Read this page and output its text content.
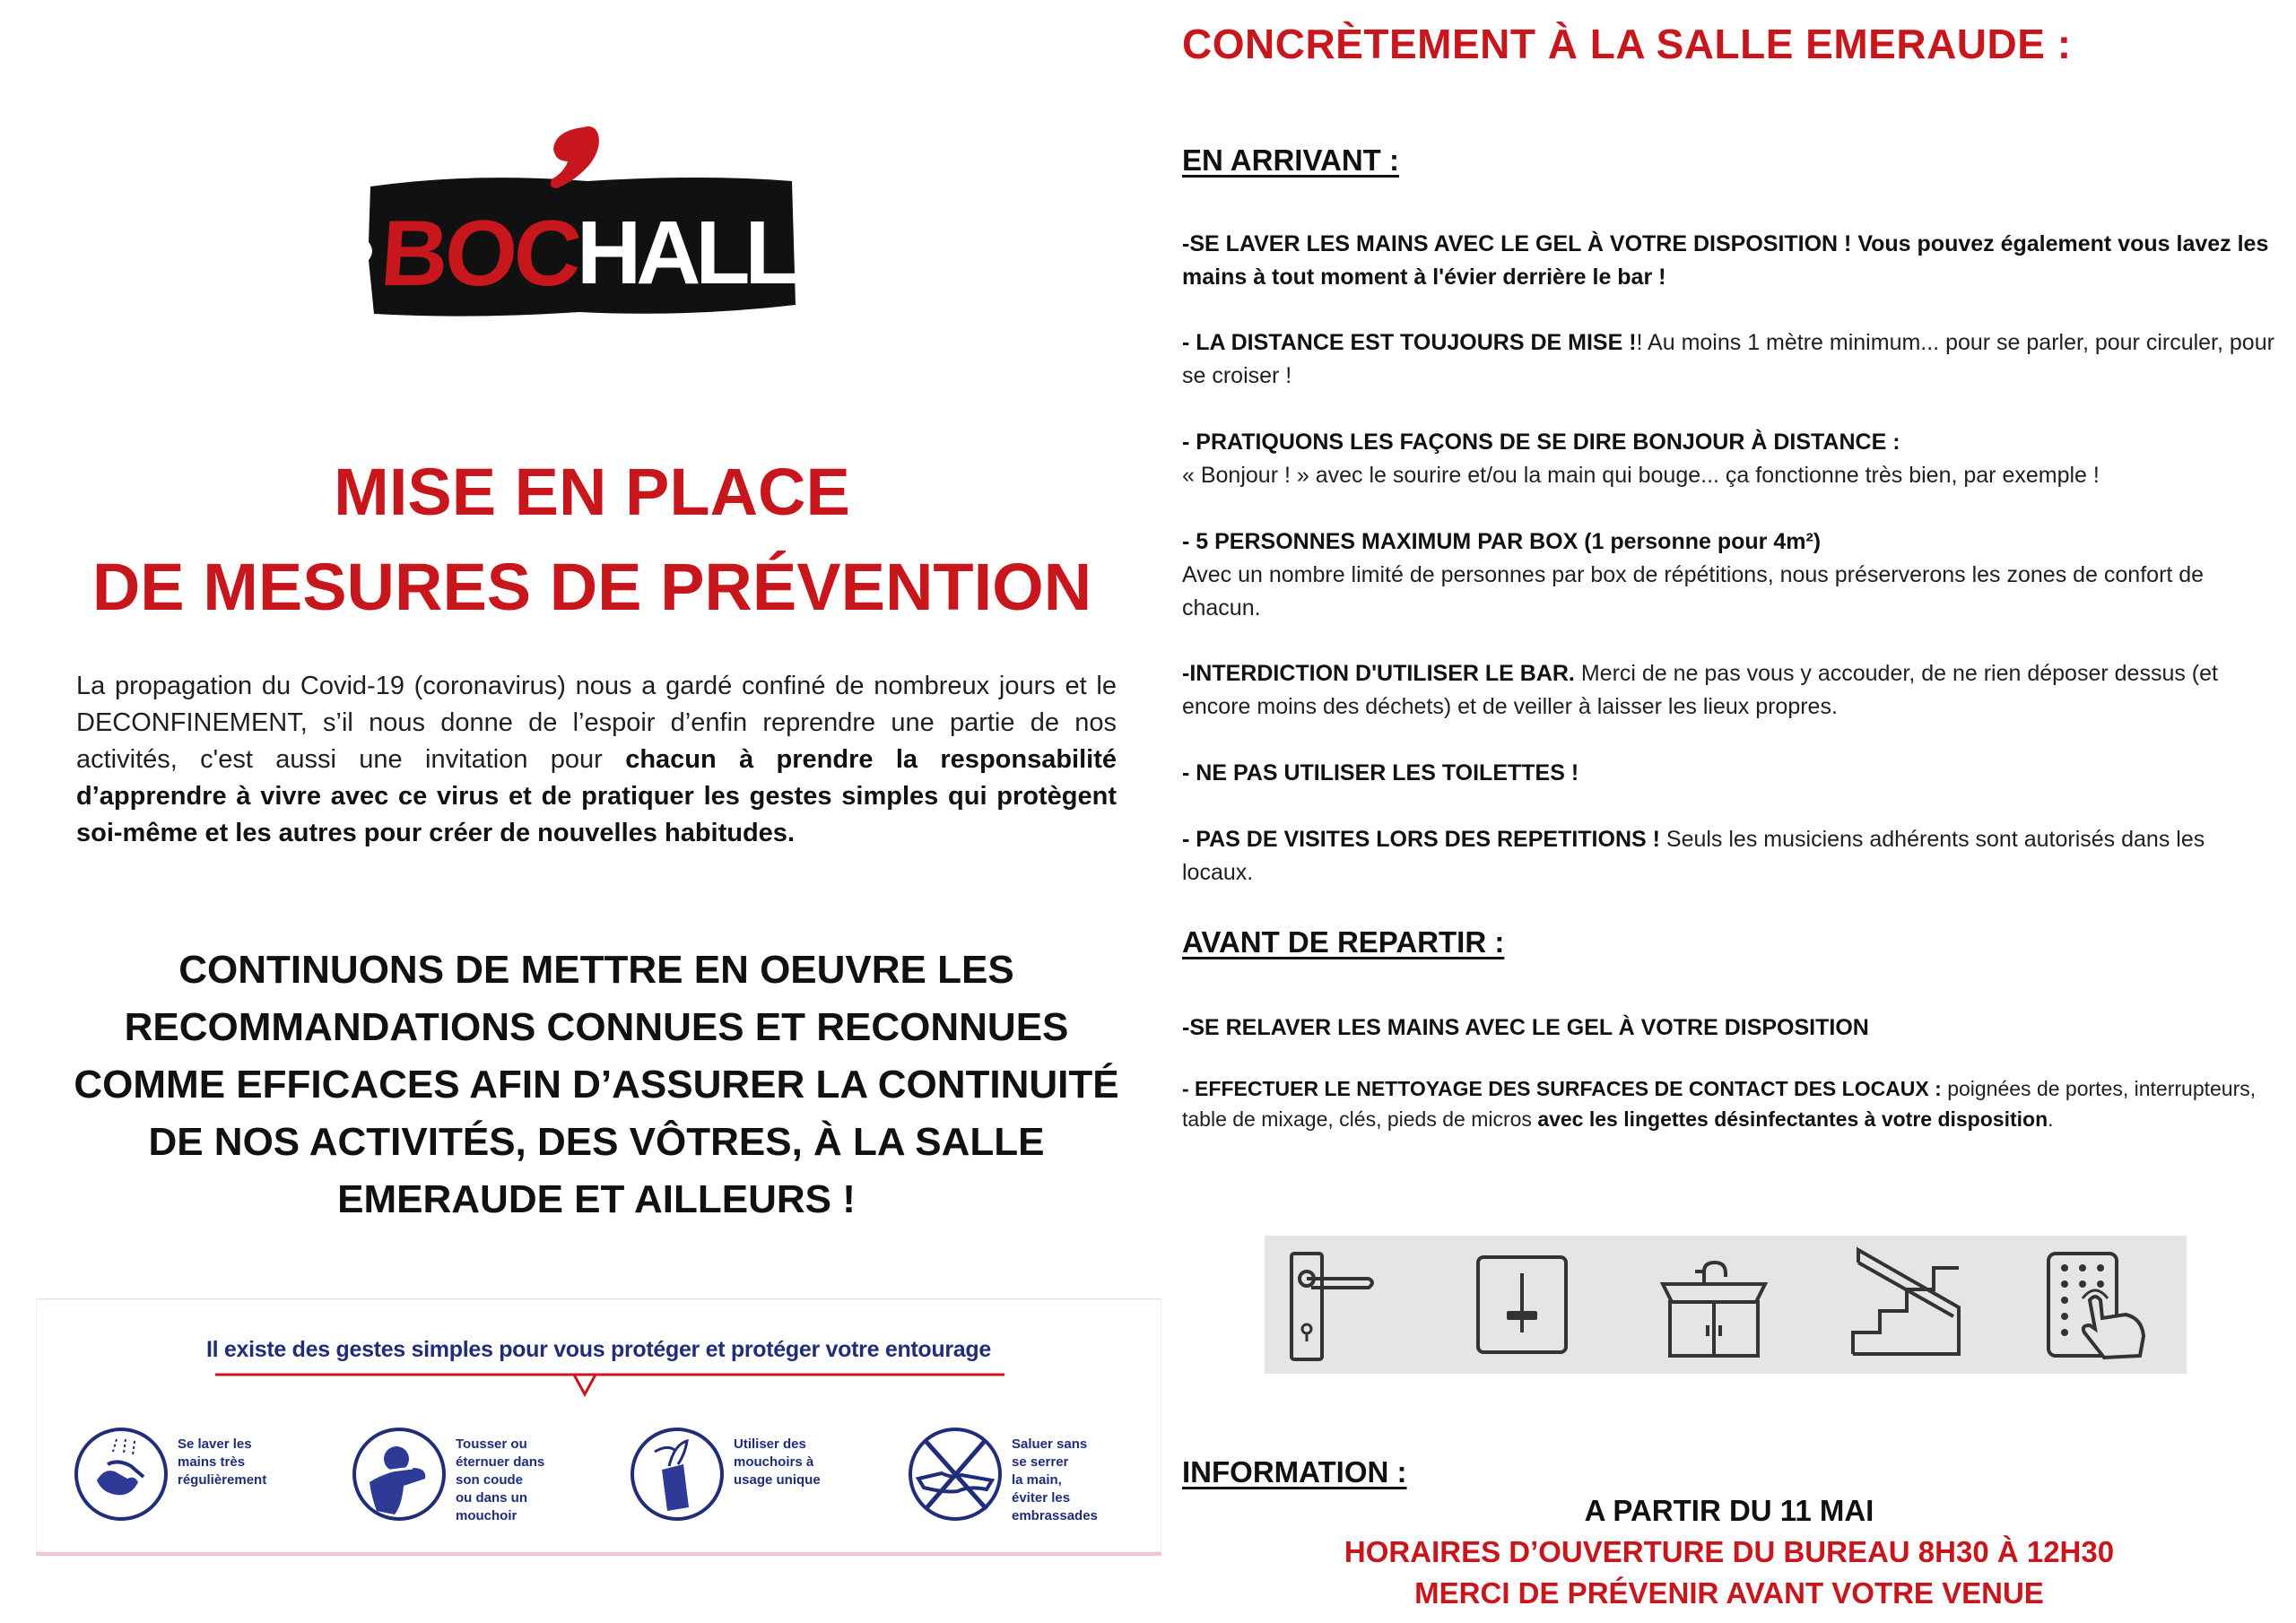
BOC
HALL
MISE EN PLACE
DE MESURES DE PRÉVENTION

La propagation du Covid-19 (coronavirus) nous a gardé confiné de nombreux jours et le DECONFINEMENT, s’il nous donne de l’espoir d’enfin reprendre une partie de nos activités, c'est aussi une invitation pour chacun à prendre la responsabilité d’apprendre à vivre avec ce virus et de pratiquer les gestes simples qui protègent soi-même et les autres pour créer de nouvelles habitudes.

CONTINUONS DE METTRE EN OEUVRE LES RECOMMANDATIONS CONNUES ET RECONNUES COMME EFFICACES AFIN D’ASSURER LA CONTINUITÉ DE NOS ACTIVITÉS, DES VÔTRES, À LA SALLE EMERAUDE ET AILLEURS !

Il existe des gestes simples pour vous protéger et protéger votre entourage
Se laver les
mains très
régulièrement
Tousser ou
éternuer dans
son coude
ou dans un
mouchoir
Utiliser des
mouchoirs à
usage unique
Saluer sans
se serrer
la main,
éviter les
embrassades
CONCRÈTEMENT À LA SALLE EMERAUDE :
EN ARRIVANT :

-SE LAVER LES MAINS AVEC LE GEL À VOTRE DISPOSITION ! Vous pouvez également vous lavez les mains à tout moment à l'évier derrière le bar !

- LA DISTANCE EST TOUJOURS DE MISE !! Au moins 1 mètre minimum... pour se parler, pour circuler, pour se croiser !

- PRATIQUONS LES FAÇONS DE SE DIRE BONJOUR À DISTANCE :
« Bonjour ! » avec le sourire et/ou la main qui bouge... ça fonctionne très bien, par exemple !

- 5 PERSONNES MAXIMUM PAR BOX (1 personne pour 4m²)
Avec un nombre limité de personnes par box de répétitions, nous préserverons les zones de confort de chacun.

-INTERDICTION D'UTILISER LE BAR. Merci de ne pas vous y accouder, de ne rien déposer dessus (et encore moins des déchets) et de veiller à laisser les lieux propres.

- NE PAS UTILISER LES TOILETTES !

- PAS DE VISITES LORS DES REPETITIONS ! Seuls les musiciens adhérents sont autorisés dans les locaux.

AVANT DE REPARTIR :

-SE RELAVER LES MAINS AVEC LE GEL À VOTRE DISPOSITION

- EFFECTUER LE NETTOYAGE DES SURFACES DE CONTACT DES LOCAUX : poignées de portes, interrupteurs, table de mixage, clés, pieds de micros avec les lingettes désinfectantes à votre disposition.

INFORMATION :

A PARTIR DU 11 MAI

HORAIRES D’OUVERTURE DU BUREAU 8H30 À 12H30

MERCI DE PRÉVENIR AVANT VOTRE VENUE
